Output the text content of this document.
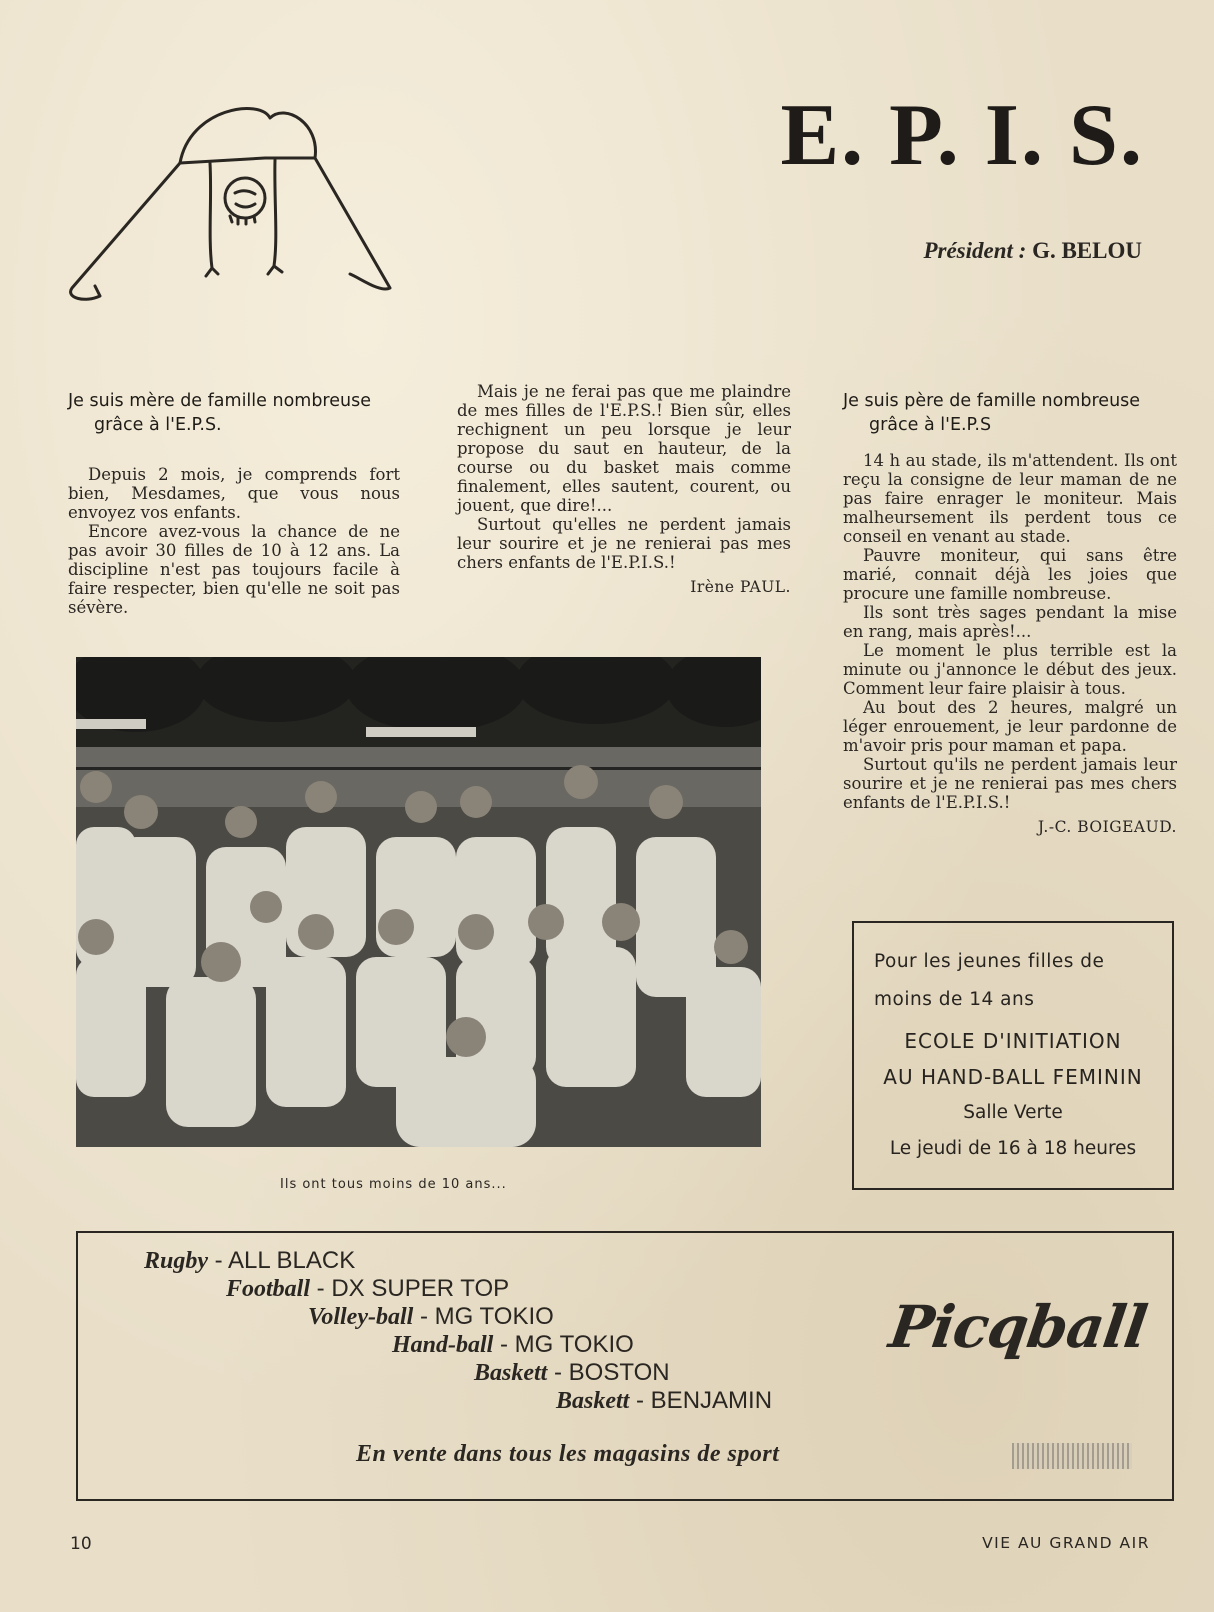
E. P. I. S.
Président : G. BELOU
Je suis mère de famille nombreuse
grâce à l'E.P.S.

Depuis 2 mois, je comprends fort bien, Mesdames, que vous nous envoyez vos enfants.

Encore avez-vous la chance de ne pas avoir 30 filles de 10 à 12 ans. La discipline n'est pas toujours facile à faire respecter, bien qu'elle ne soit pas sévère.

Mais je ne ferai pas que me plaindre de mes filles de l'E.P.S.! Bien sûr, elles rechignent un peu lorsque je leur propose du saut en hauteur, de la course ou du basket mais comme finalement, elles sautent, courent, ou jouent, que dire!...

Surtout qu'elles ne perdent jamais leur sourire et je ne renierai pas mes chers enfants de l'E.P.I.S.!

Irène PAUL.
Je suis père de famille nombreuse
grâce à l'E.P.S

14 h au stade, ils m'attendent. Ils ont reçu la consigne de leur maman de ne pas faire enrager le moniteur. Mais malheursement ils perdent tous ce conseil en venant au stade.

Pauvre moniteur, qui sans être marié, connait déjà les joies que procure une famille nombreuse.

Ils sont très sages pendant la mise en rang, mais après!...

Le moment le plus terrible est la minute ou j'annonce le début des jeux. Comment leur faire plaisir à tous.

Au bout des 2 heures, malgré un léger enrouement, je leur pardonne de m'avoir pris pour maman et papa.

Surtout qu'ils ne perdent jamais leur sourire et je ne renierai pas mes chers enfants de l'E.P.I.S.!

J.-C. BOIGEAUD.
Ils ont tous moins de 10 ans...
Pour les jeunes filles de
moins de 14 ans
ECOLE D'INITIATION
AU HAND-BALL FEMININ
Salle Verte
Le jeudi de 16 à 18 heures
Rugby - ALL BLACK
Football - DX SUPER TOP
Volley-ball - MG TOKIO
Hand-ball - MG TOKIO
Baskett - BOSTON
Baskett - BENJAMIN
Picqball
En vente dans tous les magasins de sport
10	VIE AU GRAND AIR
